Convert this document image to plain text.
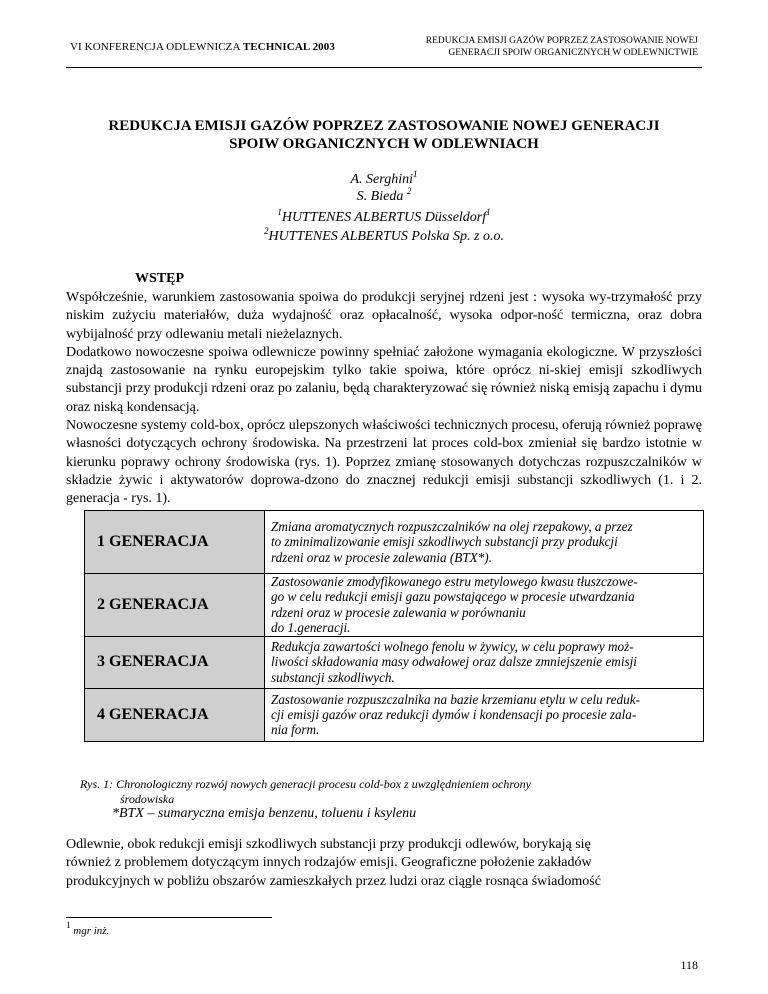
VI KONFERENCJA ODLEWNICZA TECHNICAL 2003	REDUKCJA EMISJI GAZÓW POPRZEZ ZASTOSOWANIE NOWEJ
GENERACJI SPOIW ORGANICZNYCH W ODLEWNICTWIE
REDUKCJA EMISJI GAZÓW POPRZEZ ZASTOSOWANIE NOWEJ GENERACJI
SPOIW ORGANICZNYCH W ODLEWNIACH
A. Serghini$^1$
S. Bieda $^2$
$^1$HUTTENES ALBERTUS Düsseldorf$^1$
$^2$HUTTENES ALBERTUS Polska Sp. z o.o.
WSTĘP

Współcześnie, warunkiem zastosowania spoiwa do produkcji seryjnej rdzeni jest : wysoka wy-trzymałość przy niskim zużyciu materiałów, duża wydajność oraz opłacalność, wysoka odpor-ność termiczna, oraz dobra wybijalność przy odlewaniu metali nieżelaznych.

Dodatkowo nowoczesne spoiwa odlewnicze powinny spełniać założone wymagania ekologiczne. W przyszłości znajdą zastosowanie na rynku europejskim tylko takie spoiwa, które oprócz ni-skiej emisji szkodliwych substancji przy produkcji rdzeni oraz po zalaniu, będą charakteryzować się również niską emisją zapachu i dymu oraz niską kondensacją.

Nowoczesne systemy cold-box, oprócz ulepszonych właściwości technicznych procesu, oferują również poprawę własności dotyczących ochrony środowiska. Na przestrzeni lat proces cold-box zmieniał się bardzo istotnie w kierunku poprawy ochrony środowiska (rys. 1). Poprzez zmianę stosowanych dotychczas rozpuszczalników w składzie żywic i aktywatorów doprowa-dzono do znacznej redukcji emisji substancji szkodliwych (1. i 2. generacja - rys. 1).

1 GENERACJA	Zmiana aromatycznych rozpuszczalników na olej rzepakowy, a przez
to zminimalizowanie emisji szkodliwych substancji przy produkcji
rdzeni oraz w procesie zalewania (BTX*).

2 GENERACJA	Zastosowanie zmodyfikowanego estru metylowego kwasu tłuszczowe-
go w celu redukcji emisji gazu powstającego w procesie utwardzania
rdzeni oraz w procesie zalewania w porównaniu
do 1.generacji.

3 GENERACJA	Redukcja zawartości wolnego fenolu w żywicy, w celu poprawy moż-
liwości składowania masy odwałowej oraz dalsze zmniejszenie emisji
substancji szkodliwych.

4 GENERACJA	Zastosowanie rozpuszczalnika na bazie krzemianu etylu w celu reduk-
cji emisji gazów oraz redukcji dymów i kondensacji po procesie zala-
nia form.
Rys. 1: Chronologiczny rozwój nowych generacji procesu cold-box z uwzględnieniem ochrony
środowiska
*BTX – sumaryczna emisja benzenu, toluenu i ksylenu

Odlewnie, obok redukcji emisji szkodliwych substancji przy produkcji odlewów, borykają się

również z problemem dotyczącym innych rodzajów emisji. Geograficzne położenie zakładów

produkcyjnych w pobliżu obszarów zamieszkałych przez ludzi oraz ciągle rosnąca świadomość

$^1$ mgr inż.
118
